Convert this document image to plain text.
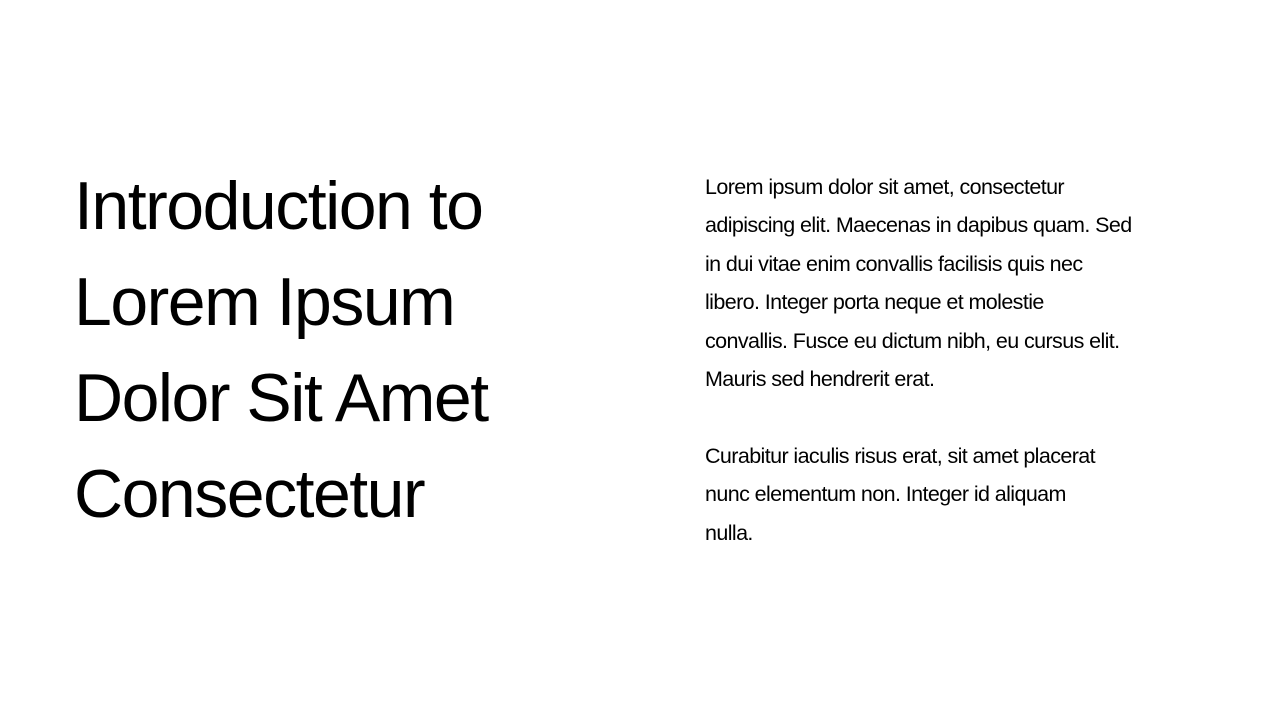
Introduction to
Lorem Ipsum
Dolor Sit Amet
Consectetur

Lorem ipsum dolor sit amet, consectetur
adipiscing elit. Maecenas in dapibus quam. Sed
in dui vitae enim convallis facilisis quis nec
libero. Integer porta neque et molestie
convallis. Fusce eu dictum nibh, eu cursus elit.
Mauris sed hendrerit erat.

Curabitur iaculis risus erat, sit amet placerat
nunc elementum non. Integer id aliquam
nulla.
